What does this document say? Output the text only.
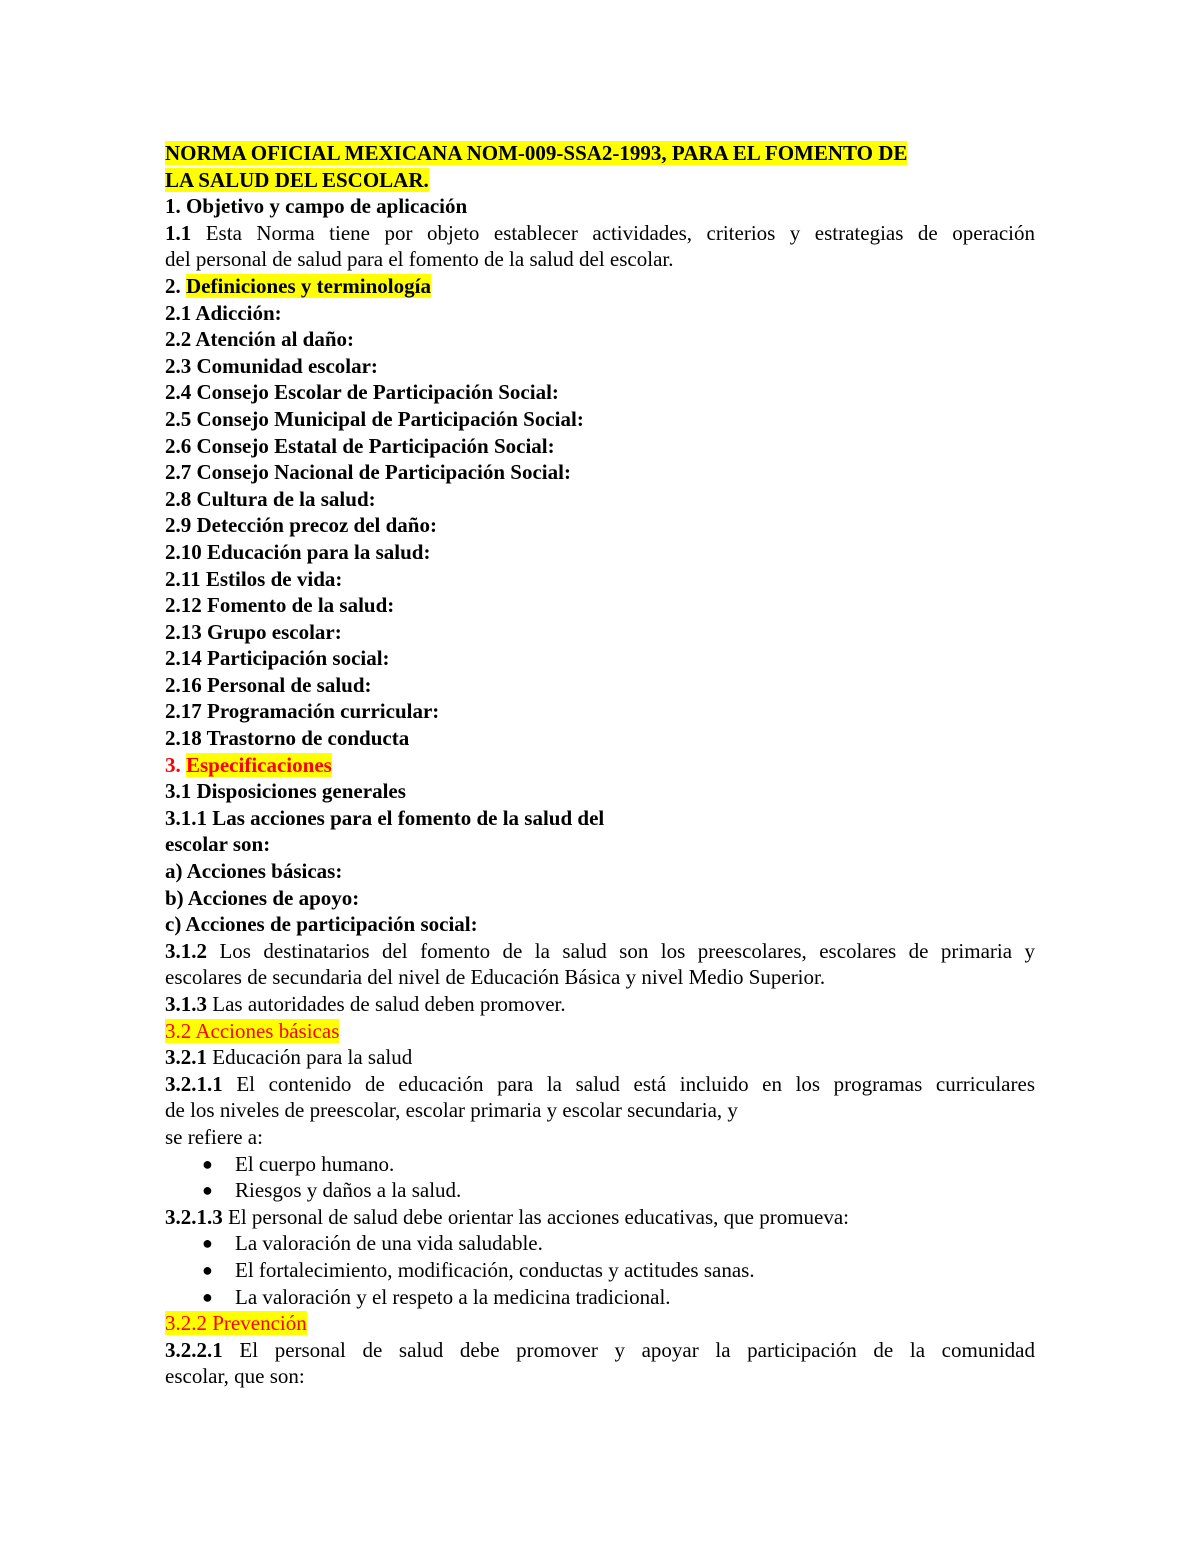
NORMA OFICIAL MEXICANA NOM-009-SSA2-1993, PARA EL FOMENTO DE
LA SALUD DEL ESCOLAR.
1. Objetivo y campo de aplicación
1.1 Esta Norma tiene por objeto establecer actividades, criterios y estrategias de operación
del personal de salud para el fomento de la salud del escolar.
2. Definiciones y terminología
2.1 Adicción:
2.2 Atención al daño:
2.3 Comunidad escolar:
2.4 Consejo Escolar de Participación Social:
2.5 Consejo Municipal de Participación Social:
2.6 Consejo Estatal de Participación Social:
2.7 Consejo Nacional de Participación Social:
2.8 Cultura de la salud:
2.9 Detección precoz del daño:
2.10 Educación para la salud:
2.11 Estilos de vida:
2.12 Fomento de la salud:
2.13 Grupo escolar:
2.14 Participación social:
2.16 Personal de salud:
2.17 Programación curricular:
2.18 Trastorno de conducta
3. Especificaciones
3.1 Disposiciones generales
3.1.1 Las acciones para el fomento de la salud del
escolar son:
a) Acciones básicas:
b) Acciones de apoyo:
c) Acciones de participación social:
3.1.2 Los destinatarios del fomento de la salud son los preescolares, escolares de primaria y
escolares de secundaria del nivel de Educación Básica y nivel Medio Superior.
3.1.3 Las autoridades de salud deben promover.
3.2 Acciones básicas
3.2.1 Educación para la salud
3.2.1.1 El contenido de educación para la salud está incluido en los programas curriculares
de los niveles de preescolar, escolar primaria y escolar secundaria, y
se refiere a:
● El cuerpo humano.
● Riesgos y daños a la salud.
3.2.1.3 El personal de salud debe orientar las acciones educativas, que promueva:
● La valoración de una vida saludable.
● El fortalecimiento, modificación, conductas y actitudes sanas.
● La valoración y el respeto a la medicina tradicional.
3.2.2 Prevención
3.2.2.1 El personal de salud debe promover y apoyar la participación de la comunidad
escolar, que son:
